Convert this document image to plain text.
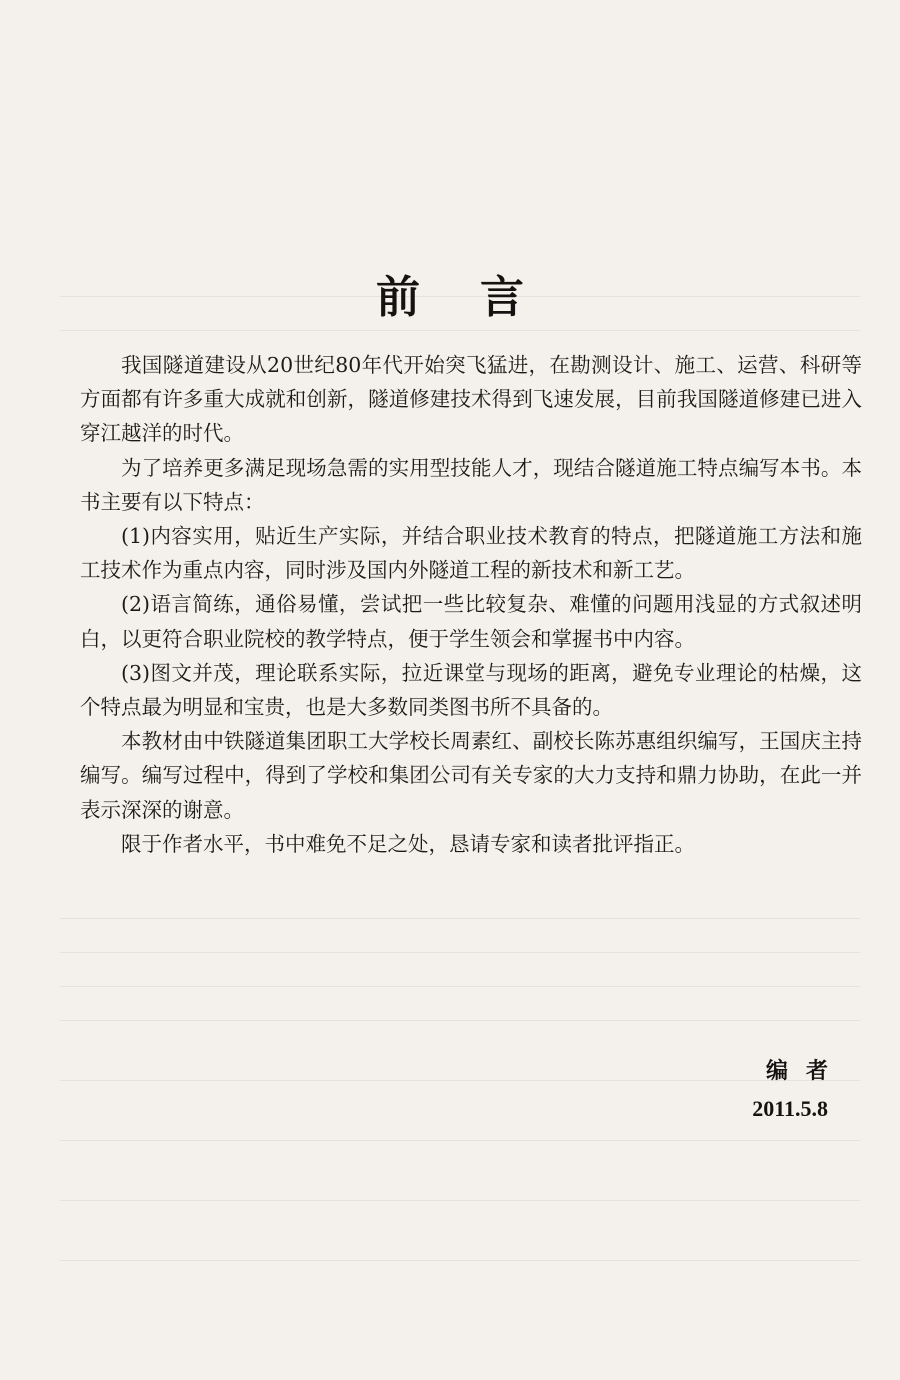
前言

我国隧道建设从20世纪80年代开始突飞猛进，在勘测设计、施工、运营、科研等方面都有许多重大成就和创新，隧道修建技术得到飞速发展，目前我国隧道修建已进入穿江越洋的时代。

为了培养更多满足现场急需的实用型技能人才，现结合隧道施工特点编写本书。本书主要有以下特点：

(1)内容实用，贴近生产实际，并结合职业技术教育的特点，把隧道施工方法和施工技术作为重点内容，同时涉及国内外隧道工程的新技术和新工艺。

(2)语言简练，通俗易懂，尝试把一些比较复杂、难懂的问题用浅显的方式叙述明白，以更符合职业院校的教学特点，便于学生领会和掌握书中内容。

(3)图文并茂，理论联系实际，拉近课堂与现场的距离，避免专业理论的枯燥，这个特点最为明显和宝贵，也是大多数同类图书所不具备的。

本教材由中铁隧道集团职工大学校长周素红、副校长陈苏惠组织编写，王国庆主持编写。编写过程中，得到了学校和集团公司有关专家的大力支持和鼎力协助，在此一并表示深深的谢意。

限于作者水平，书中难免不足之处，恳请专家和读者批评指正。

编者
2011.5.8
